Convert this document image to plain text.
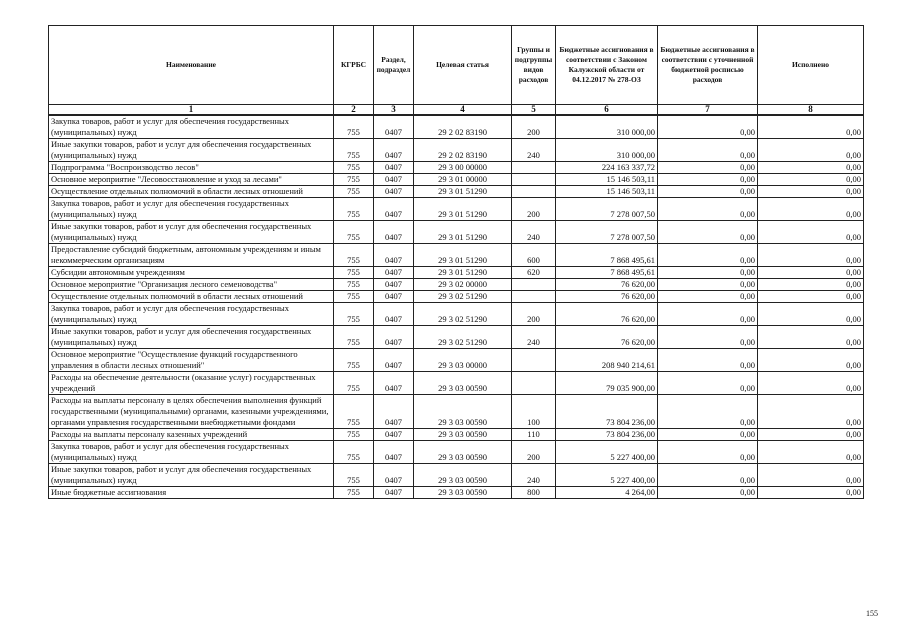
Наименование	КГРБС	Раздел, подраздел	Целевая статья	Группы и подгруппы видов расходов	Бюджетные ассигнования в соответствии с Законом Калужской области от 04.12.2017 № 278-ОЗ	Бюджетные ассигнования в соответствии с уточненной бюджетной росписью расходов	Исполнено
1	2	3	4	5	6	7	8
Закупка товаров, работ и услуг для обеспечения государственных (муниципальных) нужд	755	0407	29 2 02 83190	200	310 000,00	0,00	0,00
Иные закупки товаров, работ и услуг для обеспечения государственных (муниципальных) нужд	755	0407	29 2 02 83190	240	310 000,00	0,00	0,00
Подпрограмма "Воспроизводство лесов"	755	0407	29 3 00 00000		224 163 337,72	0,00	0,00
Основное мероприятие "Лесовосстановление и уход за лесами"	755	0407	29 3 01 00000		15 146 503,11	0,00	0,00
Осуществление отдельных полномочий в области лесных отношений	755	0407	29 3 01 51290		15 146 503,11	0,00	0,00
Закупка товаров, работ и услуг для обеспечения государственных (муниципальных) нужд	755	0407	29 3 01 51290	200	7 278 007,50	0,00	0,00
Иные закупки товаров, работ и услуг для обеспечения государственных (муниципальных) нужд	755	0407	29 3 01 51290	240	7 278 007,50	0,00	0,00
Предоставление субсидий бюджетным, автономным учреждениям и иным некоммерческим организациям	755	0407	29 3 01 51290	600	7 868 495,61	0,00	0,00
Субсидии автономным учреждениям	755	0407	29 3 01 51290	620	7 868 495,61	0,00	0,00
Основное мероприятие "Организация лесного семеноводства"	755	0407	29 3 02 00000		76 620,00	0,00	0,00
Осуществление отдельных полномочий в области лесных отношений	755	0407	29 3 02 51290		76 620,00	0,00	0,00
Закупка товаров, работ и услуг для обеспечения государственных (муниципальных) нужд	755	0407	29 3 02 51290	200	76 620,00	0,00	0,00
Иные закупки товаров, работ и услуг для обеспечения государственных (муниципальных) нужд	755	0407	29 3 02 51290	240	76 620,00	0,00	0,00
Основное мероприятие "Осуществление функций государственного управления в области лесных отношений"	755	0407	29 3 03 00000		208 940 214,61	0,00	0,00
Расходы на обеспечение деятельности (оказание услуг) государственных учреждений	755	0407	29 3 03 00590		79 035 900,00	0,00	0,00
Расходы на выплаты персоналу в целях обеспечения выполнения функций государственными (муниципальными) органами, казенными учреждениями, органами управления государственными внебюджетными фондами	755	0407	29 3 03 00590	100	73 804 236,00	0,00	0,00
Расходы на выплаты персоналу казенных учреждений	755	0407	29 3 03 00590	110	73 804 236,00	0,00	0,00
Закупка товаров, работ и услуг для обеспечения государственных (муниципальных) нужд	755	0407	29 3 03 00590	200	5 227 400,00	0,00	0,00
Иные закупки товаров, работ и услуг для обеспечения государственных (муниципальных) нужд	755	0407	29 3 03 00590	240	5 227 400,00	0,00	0,00
Иные бюджетные ассигнования	755	0407	29 3 03 00590	800	4 264,00	0,00	0,00
155
